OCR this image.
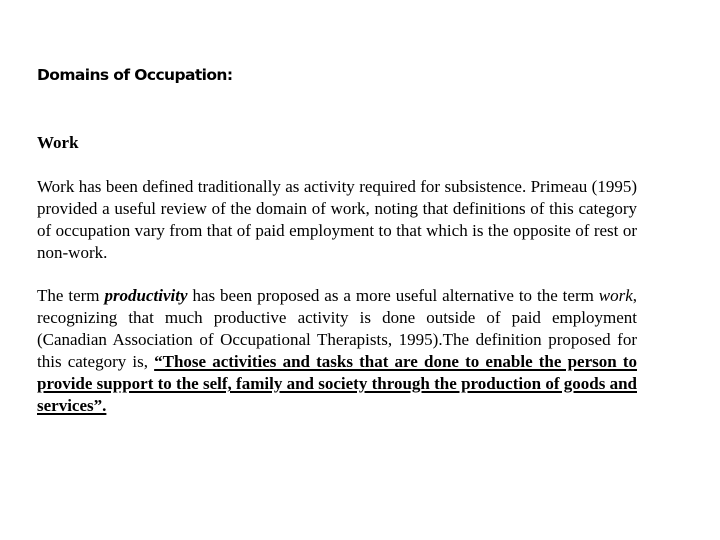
Domains of Occupation:
Work

Work has been defined traditionally as activity required for subsistence. Primeau (1995) provided a useful review of the domain of work, noting that definitions of this category of occupation vary from that of paid employment to that which is the opposite of rest or non-work.

The term productivity has been proposed as a more useful alternative to the term work, recognizing that much productive activity is done outside of paid employment (Canadian Association of Occupational Therapists, 1995).The definition proposed for this category is, “Those activities and tasks that are done to enable the person to provide support to the self, family and society through the production of goods and services”.
